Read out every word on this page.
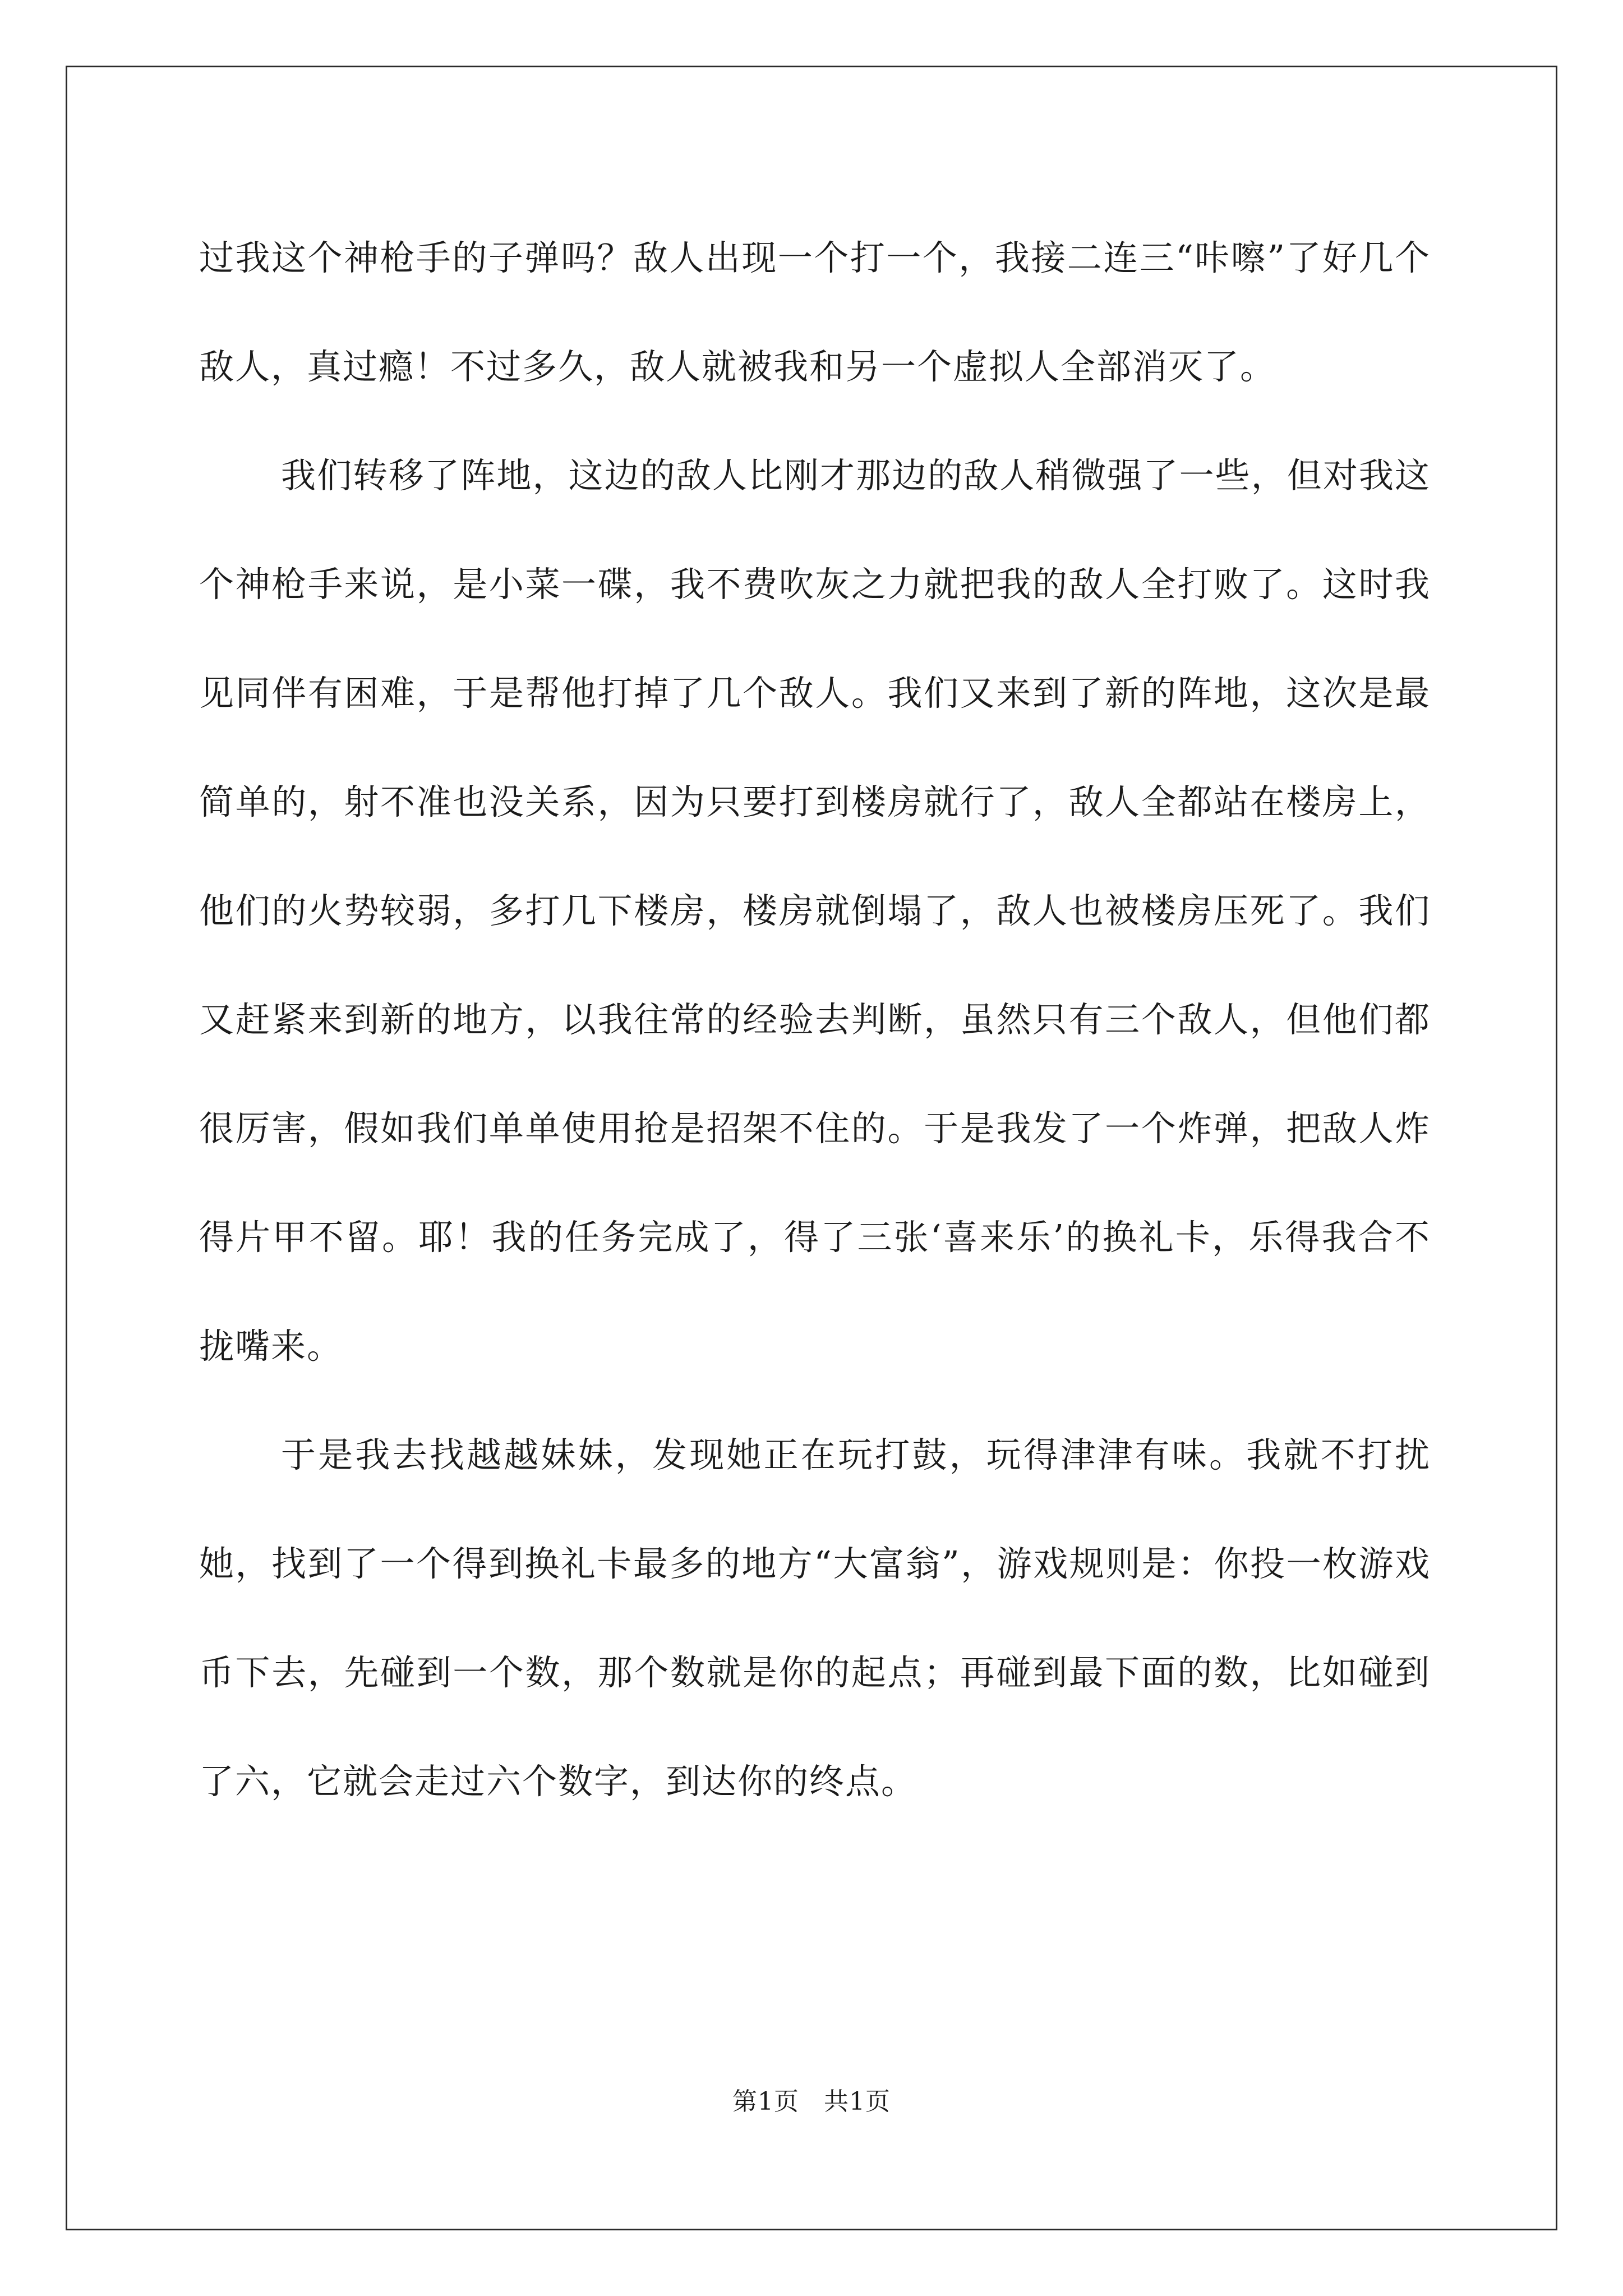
过我这个神枪手的子弹吗？敌人出现一个打一个，我接二连三“咔嚓”了好几个敌人，真过瘾！不过多久，敌人就被我和另一个虚拟人全部消灭了。

我们转移了阵地，这边的敌人比刚才那边的敌人稍微强了一些，但对我这个神枪手来说，是小菜一碟，我不费吹灰之力就把我的敌人全打败了。这时我见同伴有困难，于是帮他打掉了几个敌人。我们又来到了新的阵地，这次是最简单的，射不准也没关系，因为只要打到楼房就行了，敌人全都站在楼房上，他们的火势较弱，多打几下楼房，楼房就倒塌了，敌人也被楼房压死了。我们又赶紧来到新的地方，以我往常的经验去判断，虽然只有三个敌人，但他们都很厉害，假如我们单单使用抢是招架不住的。于是我发了一个炸弹，把敌人炸得片甲不留。耶！我的任务完成了，得了三张‘喜来乐’的换礼卡，乐得我合不拢嘴来。

于是我去找越越妹妹，发现她正在玩打鼓，玩得津津有味。我就不打扰她，找到了一个得到换礼卡最多的地方“大富翁”，游戏规则是：你投一枚游戏币下去，先碰到一个数，那个数就是你的起点；再碰到最下面的数，比如碰到了六，它就会走过六个数字，到达你的终点。

第1页 共1页
